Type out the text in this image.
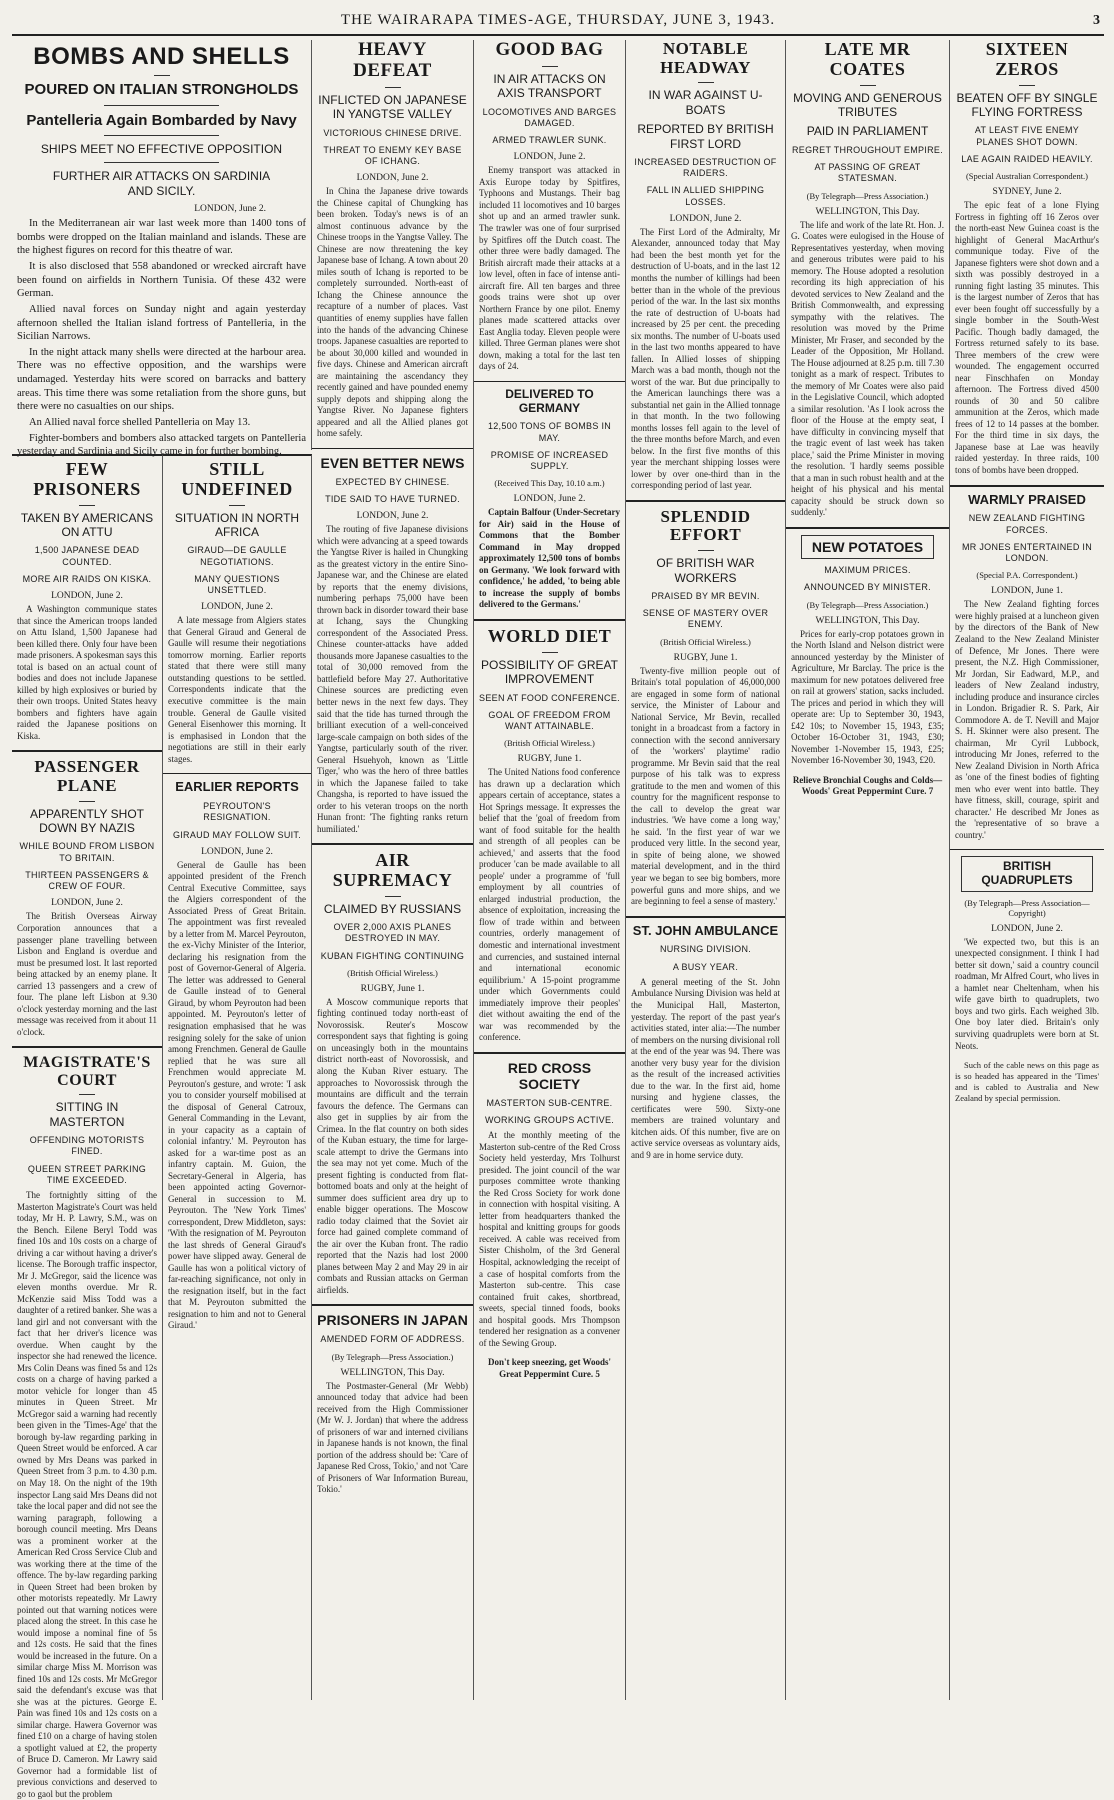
THE WAIRARAPA TIMES-AGE, THURSDAY, JUNE 3, 1943.	3
BOMBS AND SHELLS
POURED ON ITALIAN STRONGHOLDS
Pantelleria Again Bombarded by Navy
SHIPS MEET NO EFFECTIVE OPPOSITION
FURTHER AIR ATTACKS ON SARDINIA AND SICILY.
LONDON, June 2.

In the Mediterranean air war last week more than 1400 tons of bombs were dropped on the Italian mainland and islands. These are the highest figures on record for this theatre of war.

It is also disclosed that 558 abandoned or wrecked aircraft have been found on airfields in Northern Tunisia. Of these 432 were German.

Allied naval forces on Sunday night and again yesterday afternoon shelled the Italian island fortress of Pantelleria, in the Sicilian Narrows.

In the night attack many shells were directed at the harbour area. There was no effective opposition, and the warships were undamaged. Yesterday hits were scored on barracks and battery areas. This time there was some retaliation from the shore guns, but there were no casualties on our ships.

An Allied naval force shelled Pantelleria on May 13.

Fighter-bombers and bombers also attacked targets on Pantelleria yesterday and Sardinia and Sicily came in for further bombing.

FEW PRISONERS
TAKEN BY AMERICANS ON ATTU
1,500 JAPANESE DEAD COUNTED.
MORE AIR RAIDS ON KISKA.
LONDON, June 2.
A Washington communique states that since the American troops landed on Attu Island, 1,500 Japanese had been killed there. Only four have been made prisoners. A spokesman says this total is based on an actual count of bodies and does not include Japanese killed by high explosives or buried by their own troops. United States heavy bombers and fighters have again raided the Japanese positions on Kiska.
PASSENGER PLANE
APPARENTLY SHOT DOWN BY NAZIS
WHILE BOUND FROM LISBON TO BRITAIN.
THIRTEEN PASSENGERS & CREW OF FOUR.
LONDON, June 2.
The British Overseas Airway Corporation announces that a passenger plane travelling between Lisbon and England is overdue and must be presumed lost. It last reported being attacked by an enemy plane. It carried 13 passengers and a crew of four. The plane left Lisbon at 9.30 o'clock yesterday morning and the last message was received from it about 11 o'clock.
MAGISTRATE'S COURT
SITTING IN MASTERTON
OFFENDING MOTORISTS FINED.
QUEEN STREET PARKING TIME EXCEEDED.
The fortnightly sitting of the Masterton Magistrate's Court was held today, Mr H. P. Lawry, S.M., was on the Bench. Eilene Beryl Todd was fined 10s and 10s costs on a charge of driving a car without having a driver's license. The Borough traffic inspector, Mr J. McGregor, said the licence was eleven months overdue. Mr R. McKenzie said Miss Todd was a daughter of a retired banker. She was a land girl and not conversant with the fact that her driver's licence was overdue. When caught by the inspector she had renewed the licence. Mrs Colin Deans was fined 5s and 12s costs on a charge of having parked a motor vehicle for longer than 45 minutes in Queen Street. Mr McGregor said a warning had recently been given in the 'Times-Age' that the borough by-law regarding parking in Queen Street would be enforced. A car owned by Mrs Deans was parked in Queen Street from 3 p.m. to 4.30 p.m. on May 18. On the night of the 19th inspector Lang said Mrs Deans did not take the local paper and did not see the warning paragraph, following a borough council meeting. Mrs Deans was a prominent worker at the American Red Cross Service Club and was working there at the time of the offence. The by-law regarding parking in Queen Street had been broken by other motorists repeatedly. Mr Lawry pointed out that warning notices were placed along the street. In this case he would impose a nominal fine of 5s and 12s costs. He said that the fines would be increased in the future. On a similar charge Miss M. Morrison was fined 10s and 12s costs. Mr McGregor said the defendant's excuse was that she was at the pictures. George E. Pain was fined 10s and 12s costs on a similar charge. Hawera Governor was fined £10 on a charge of having stolen a spotlight valued at £2, the property of Bruce D. Cameron. Mr Lawry said Governor had a formidable list of previous convictions and deserved to go to gaol but the problem
STILL UNDEFINED
SITUATION IN NORTH AFRICA
GIRAUD—DE GAULLE NEGOTIATIONS.
MANY QUESTIONS UNSETTLED.
LONDON, June 2.
A late message from Algiers states that General Giraud and General de Gaulle will resume their negotiations tomorrow morning. Earlier reports stated that there were still many outstanding questions to be settled. Correspondents indicate that the executive committee is the main trouble. General de Gaulle visited General Eisenhower this morning. It is emphasised in London that the negotiations are still in their early stages.
EARLIER REPORTS
PEYROUTON'S RESIGNATION.
GIRAUD MAY FOLLOW SUIT.
LONDON, June 2.
General de Gaulle has been appointed president of the French Central Executive Committee, says the Algiers correspondent of the Associated Press of Great Britain. The appointment was first revealed by a letter from M. Marcel Peyrouton, the ex-Vichy Minister of the Interior, declaring his resignation from the post of Governor-General of Algeria. The letter was addressed to General de Gaulle instead of to General Giraud, by whom Peyrouton had been appointed. M. Peyrouton's letter of resignation emphasised that he was resigning solely for the sake of union among Frenchmen. General de Gaulle replied that he was sure all Frenchmen would appreciate M. Peyrouton's gesture, and wrote: 'I ask you to consider yourself mobilised at the disposal of General Catroux, General Commanding in the Levant, in your capacity as a captain of colonial infantry.' M. Peyrouton has asked for a war-time post as an infantry captain. M. Guion, the Secretary-General in Algeria, has been appointed acting Governor-General in succession to M. Peyrouton. The 'New York Times' correspondent, Drew Middleton, says: 'With the resignation of M. Peyrouton the last shreds of General Giraud's power have slipped away. General de Gaulle has won a political victory of far-reaching significance, not only in the resignation itself, but in the fact that M. Peyrouton submitted the resignation to him and not to General Giraud.'
HEAVY DEFEAT
INFLICTED ON JAPANESE IN YANGTSE VALLEY
VICTORIOUS CHINESE DRIVE.
THREAT TO ENEMY KEY BASE OF ICHANG.
LONDON, June 2.
In China the Japanese drive towards the Chinese capital of Chungking has been broken. Today's news is of an almost continuous advance by the Chinese troops in the Yangtse Valley. The Chinese are now threatening the key Japanese base of Ichang. A town about 20 miles south of Ichang is reported to be completely surrounded. North-east of Ichang the Chinese announce the recapture of a number of places. Vast quantities of enemy supplies have fallen into the hands of the advancing Chinese troops. Japanese casualties are reported to be about 30,000 killed and wounded in five days. Chinese and American aircraft are maintaining the ascendancy they recently gained and have pounded enemy supply depots and shipping along the Yangtse River. No Japanese fighters appeared and all the Allied planes got home safely.
EVEN BETTER NEWS
EXPECTED BY CHINESE.
TIDE SAID TO HAVE TURNED.
LONDON, June 2.
The routing of five Japanese divisions which were advancing at a speed towards the Yangtse River is hailed in Chungking as the greatest victory in the entire Sino-Japanese war, and the Chinese are elated by reports that the enemy divisions, numbering perhaps 75,000 have been thrown back in disorder toward their base at Ichang, says the Chungking correspondent of the Associated Press. Chinese counter-attacks have added thousands more Japanese casualties to the total of 30,000 removed from the battlefield before May 27. Authoritative Chinese sources are predicting even better news in the next few days. They said that the tide has turned through the brilliant execution of a well-conceived large-scale campaign on both sides of the Yangtse, particularly south of the river. General Hsuehyoh, known as 'Little Tiger,' who was the hero of three battles in which the Japanese failed to take Changsha, is reported to have issued the order to his veteran troops on the north Hunan front: 'The fighting ranks return humiliated.'
AIR SUPREMACY
CLAIMED BY RUSSIANS
OVER 2,000 AXIS PLANES DESTROYED IN MAY.
KUBAN FIGHTING CONTINUING
(British Official Wireless.)
RUGBY, June 1.
A Moscow communique reports that fighting continued today north-east of Novorossisk. Reuter's Moscow correspondent says that fighting is going on unceasingly both in the mountains district north-east of Novorossisk, and along the Kuban River estuary. The approaches to Novorossisk through the mountains are difficult and the terrain favours the defence. The Germans can also get in supplies by air from the Crimea. In the flat country on both sides of the Kuban estuary, the time for large-scale attempt to drive the Germans into the sea may not yet come. Much of the present fighting is conducted from flat-bottomed boats and only at the height of summer does sufficient area dry up to enable bigger operations. The Moscow radio today claimed that the Soviet air force had gained complete command of the air over the Kuban front. The radio reported that the Nazis had lost 2000 planes between May 2 and May 29 in air combats and Russian attacks on German airfields.
PRISONERS IN JAPAN
AMENDED FORM OF ADDRESS.
(By Telegraph—Press Association.)
WELLINGTON, This Day.
The Postmaster-General (Mr Webb) announced today that advice had been received from the High Commissioner (Mr W. J. Jordan) that where the address of prisoners of war and interned civilians in Japanese hands is not known, the final portion of the address should be: 'Care of Japanese Red Cross, Tokio,' and not 'Care of Prisoners of War Information Bureau, Tokio.'
GOOD BAG
IN AIR ATTACKS ON AXIS TRANSPORT
LOCOMOTIVES AND BARGES DAMAGED.
ARMED TRAWLER SUNK.
LONDON, June 2.
Enemy transport was attacked in Axis Europe today by Spitfires, Typhoons and Mustangs. Their bag included 11 locomotives and 10 barges shot up and an armed trawler sunk. The trawler was one of four surprised by Spitfires off the Dutch coast. The other three were badly damaged. The British aircraft made their attacks at a low level, often in face of intense anti-aircraft fire. All ten barges and three goods trains were shot up over Northern France by one pilot. Enemy planes made scattered attacks over East Anglia today. Eleven people were killed. Three German planes were shot down, making a total for the last ten days of 24.
DELIVERED TO GERMANY
12,500 TONS OF BOMBS IN MAY.
PROMISE OF INCREASED SUPPLY.
(Received This Day, 10.10 a.m.)
LONDON, June 2.
Captain Balfour (Under-Secretary for Air) said in the House of Commons that the Bomber Command in May dropped approximately 12,500 tons of bombs on Germany. 'We look forward with confidence,' he added, 'to being able to increase the supply of bombs delivered to the Germans.'
WORLD DIET
POSSIBILITY OF GREAT IMPROVEMENT
SEEN AT FOOD CONFERENCE.
GOAL OF FREEDOM FROM WANT ATTAINABLE.
(British Official Wireless.)
RUGBY, June 1.
The United Nations food conference has drawn up a declaration which appears certain of acceptance, states a Hot Springs message. It expresses the belief that the 'goal of freedom from want of food suitable for the health and strength of all peoples can be achieved,' and asserts that the food producer 'can be made available to all people' under a programme of 'full employment by all countries of enlarged industrial production, the absence of exploitation, increasing the flow of trade within and between countries, orderly management of domestic and international investment and currencies, and sustained internal and international economic equilibrium.' A 15-point programme under which Governments could immediately improve their peoples' diet without awaiting the end of the war was recommended by the conference.
RED CROSS SOCIETY
MASTERTON SUB-CENTRE.
WORKING GROUPS ACTIVE.
At the monthly meeting of the Masterton sub-centre of the Red Cross Society held yesterday, Mrs Tolhurst presided. The joint council of the war purposes committee wrote thanking the Red Cross Society for work done in connection with hospital visiting. A letter from headquarters thanked the hospital and knitting groups for goods received. A cable was received from Sister Chisholm, of the 3rd General Hospital, acknowledging the receipt of a case of hospital comforts from the Masterton sub-centre. This case contained fruit cakes, shortbread, sweets, special tinned foods, books and hospital goods. Mrs Thompson tendered her resignation as a convener of the Sewing Group.
Don't keep sneezing, get Woods' Great Peppermint Cure. 5
NOTABLE HEADWAY
IN WAR AGAINST U-BOATS
REPORTED BY BRITISH FIRST LORD
INCREASED DESTRUCTION OF RAIDERS.
FALL IN ALLIED SHIPPING LOSSES.
LONDON, June 2.
The First Lord of the Admiralty, Mr Alexander, announced today that May had been the best month yet for the destruction of U-boats, and in the last 12 months the number of killings had been better than in the whole of the previous period of the war. In the last six months the rate of destruction of U-boats had increased by 25 per cent. the preceding six months. The number of U-boats used in the last two months appeared to have fallen. In Allied losses of shipping March was a bad month, though not the worst of the war. But due principally to the American launchings there was a substantial net gain in the Allied tonnage in that month. In the two following months losses fell again to the level of the three months before March, and even below. In the first five months of this year the merchant shipping losses were lower by over one-third than in the corresponding period of last year.
SPLENDID EFFORT
OF BRITISH WAR WORKERS
PRAISED BY MR BEVIN.
SENSE OF MASTERY OVER ENEMY.
(British Official Wireless.)
RUGBY, June 1.
Twenty-five million people out of Britain's total population of 46,000,000 are engaged in some form of national service, the Minister of Labour and National Service, Mr Bevin, recalled tonight in a broadcast from a factory in connection with the second anniversary of the 'workers' playtime' radio programme. Mr Bevin said that the real purpose of his talk was to express gratitude to the men and women of this country for the magnificent response to the call to develop the great war industries. 'We have come a long way,' he said. 'In the first year of war we produced very little. In the second year, in spite of being alone, we showed material development, and in the third year we began to see big bombers, more powerful guns and more ships, and we are beginning to feel a sense of mastery.'
ST. JOHN AMBULANCE
NURSING DIVISION.
A BUSY YEAR.
A general meeting of the St. John Ambulance Nursing Division was held at the Municipal Hall, Masterton, yesterday. The report of the past year's activities stated, inter alia:—The number of members on the nursing divisional roll at the end of the year was 94. There was another very busy year for the division as the result of the increased activities due to the war. In the first aid, home nursing and hygiene classes, the certificates were 590. Sixty-one members are trained voluntary and kitchen aids. Of this number, five are on active service overseas as voluntary aids, and 9 are in home service duty.
LATE MR COATES
MOVING AND GENEROUS TRIBUTES
PAID IN PARLIAMENT
REGRET THROUGHOUT EMPIRE.
AT PASSING OF GREAT STATESMAN.
(By Telegraph—Press Association.)
WELLINGTON, This Day.
The life and work of the late Rt. Hon. J. G. Coates were eulogised in the House of Representatives yesterday, when moving and generous tributes were paid to his memory. The House adopted a resolution recording its high appreciation of his devoted services to New Zealand and the British Commonwealth, and expressing sympathy with the relatives. The resolution was moved by the Prime Minister, Mr Fraser, and seconded by the Leader of the Opposition, Mr Holland. The House adjourned at 8.25 p.m. till 7.30 tonight as a mark of respect. Tributes to the memory of Mr Coates were also paid in the Legislative Council, which adopted a similar resolution. 'As I look across the floor of the House at the empty seat, I have difficulty in convincing myself that the tragic event of last week has taken place,' said the Prime Minister in moving the resolution. 'I hardly seems possible that a man in such robust health and at the height of his physical and his mental capacity should be struck down so suddenly.'
NEW POTATOES
MAXIMUM PRICES.
ANNOUNCED BY MINISTER.
(By Telegraph—Press Association.)
WELLINGTON, This Day.
Prices for early-crop potatoes grown in the North Island and Nelson district were announced yesterday by the Minister of Agriculture, Mr Barclay. The price is the maximum for new potatoes delivered free on rail at growers' station, sacks included. The prices and period in which they will operate are: Up to September 30, 1943, £42 10s; to November 15, 1943, £35; October 16-October 31, 1943, £30; November 1-November 15, 1943, £25; November 16-November 30, 1943, £20.
Relieve Bronchial Coughs and Colds—Woods' Great Peppermint Cure. 7
SIXTEEN ZEROS
BEATEN OFF BY SINGLE FLYING FORTRESS
AT LEAST FIVE ENEMY PLANES SHOT DOWN.
LAE AGAIN RAIDED HEAVILY.
(Special Australian Correspondent.)
SYDNEY, June 2.
The epic feat of a lone Flying Fortress in fighting off 16 Zeros over the north-east New Guinea coast is the highlight of General MacArthur's communique today. Five of the Japanese fighters were shot down and a sixth was possibly destroyed in a running fight lasting 35 minutes. This is the largest number of Zeros that has ever been fought off successfully by a single bomber in the South-West Pacific. Though badly damaged, the Fortress returned safely to its base. Three members of the crew were wounded. The engagement occurred near Finschhafen on Monday afternoon. The Fortress dived 4500 rounds of 30 and 50 calibre ammunition at the Zeros, which made frees of 12 to 14 passes at the bomber. For the third time in six days, the Japanese base at Lae was heavily raided yesterday. In three raids, 100 tons of bombs have been dropped.
WARMLY PRAISED
NEW ZEALAND FIGHTING FORCES.
MR JONES ENTERTAINED IN LONDON.
(Special P.A. Correspondent.)
LONDON, June 1.
The New Zealand fighting forces were highly praised at a luncheon given by the directors of the Bank of New Zealand to the New Zealand Minister of Defence, Mr Jones. There were present, the N.Z. High Commissioner, Mr Jordan, Sir Eadward, M.P., and leaders of New Zealand industry, including produce and insurance circles in London. Brigadier R. S. Park, Air Commodore A. de T. Nevill and Major S. H. Skinner were also present. The chairman, Mr Cyril Lubbock, introducing Mr Jones, referred to the New Zealand Division in North Africa as 'one of the finest bodies of fighting men who ever went into battle. They have fitness, skill, courage, spirit and character.' He described Mr Jones as the 'representative of so brave a country.'
BRITISH QUADRUPLETS
(By Telegraph—Press Association—Copyright)
LONDON, June 2.
'We expected two, but this is an unexpected consignment. I think I had better sit down,' said a country council roadman, Mr Alfred Court, who lives in a hamlet near Cheltenham, when his wife gave birth to quadruplets, two boys and two girls. Each weighed 3lb. One boy later died. Britain's only surviving quadruplets were born at St. Neots.
Such of the cable news on this page as is so headed has appeared in the 'Times' and is cabled to Australia and New Zealand by special permission.
